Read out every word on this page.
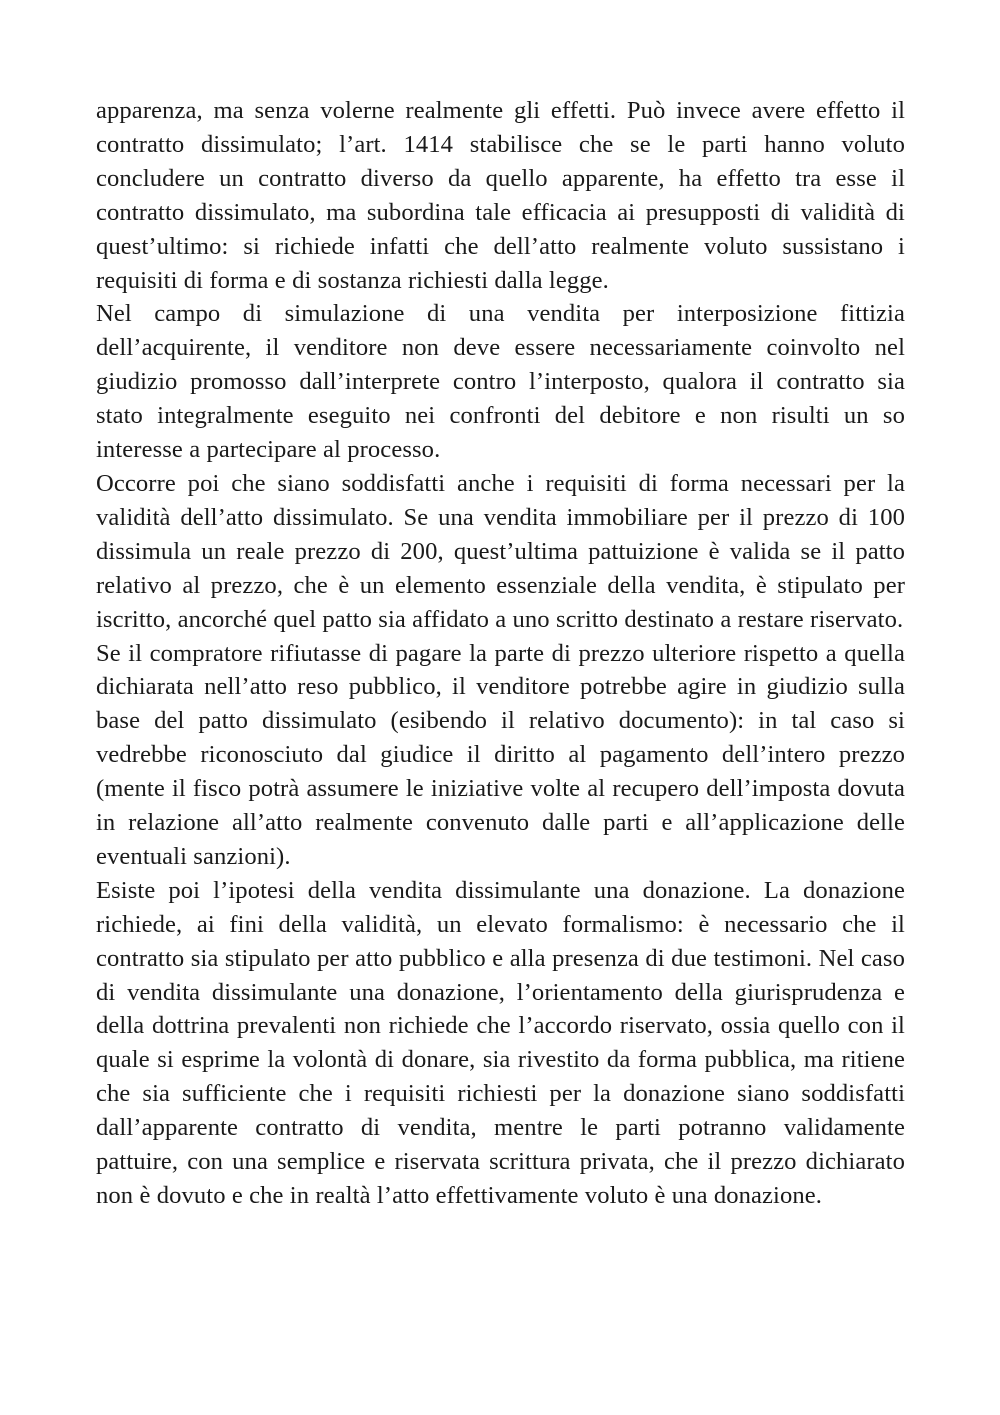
apparenza, ma senza volerne realmente gli effetti. Può invece avere effetto il contratto dissimulato; l’art. 1414 stabilisce che se le parti hanno voluto concludere un contratto diverso da quello apparente, ha effetto tra esse il contratto dissimulato, ma subordina tale efficacia ai presupposti di validità di quest’ultimo: si richiede infatti che dell’atto realmente voluto sussistano i requisiti di forma e di sostanza richiesti dalla legge.

Nel campo di simulazione di una vendita per interposizione fittizia dell’acquirente, il venditore non deve essere necessariamente coinvolto nel giudizio promosso dall’interprete contro l’interposto, qualora il contratto sia stato integralmente eseguito nei confronti del debitore e non risulti un so interesse a partecipare al processo.

Occorre poi che siano soddisfatti anche i requisiti di forma necessari per la validità dell’atto dissimulato. Se una vendita immobiliare per il prezzo di 100 dissimula un reale prezzo di 200, quest’ultima pattuizione è valida se il patto relativo al prezzo, che è un elemento essenziale della vendita, è stipulato per iscritto, ancorché quel patto sia affidato a uno scritto destinato a restare riservato.

Se il compratore rifiutasse di pagare la parte di prezzo ulteriore rispetto a quella dichiarata nell’atto reso pubblico, il venditore potrebbe agire in giudizio sulla base del patto dissimulato (esibendo il relativo documento): in tal caso si vedrebbe riconosciuto dal giudice il diritto al pagamento dell’intero prezzo (mente il fisco potrà assumere le iniziative volte al recupero dell’imposta dovuta in relazione all’atto realmente convenuto dalle parti e all’applicazione delle eventuali sanzioni).

Esiste poi l’ipotesi della vendita dissimulante una donazione. La donazione richiede, ai fini della validità, un elevato formalismo: è necessario che il contratto sia stipulato per atto pubblico e alla presenza di due testimoni. Nel caso di vendita dissimulante una donazione, l’orientamento della giurisprudenza e della dottrina prevalenti non richiede che l’accordo riservato, ossia quello con il quale si esprime la volontà di donare, sia rivestito da forma pubblica, ma ritiene che sia sufficiente che i requisiti richiesti per la donazione siano soddisfatti dall’apparente contratto di vendita, mentre le parti potranno validamente pattuire, con una semplice e riservata scrittura privata, che il prezzo dichiarato non è dovuto e che in realtà l’atto effettivamente voluto è una donazione.
